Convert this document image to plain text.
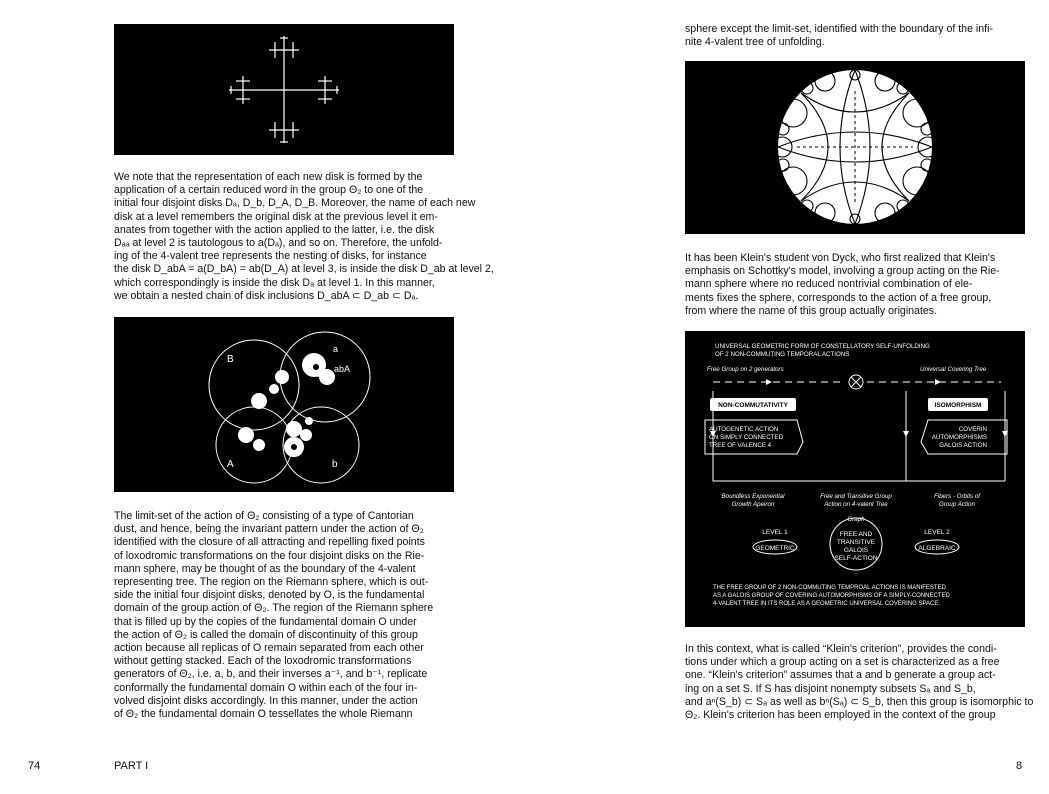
We note that the representation of each new disk is formed by the
application of a certain reduced word in the group Θ₂ to one of the
initial four disjoint disks Dₐ, D_b, D_A, D_B. Moreover, the name of each new
disk at a level remembers the original disk at the previous level it em-
anates from together with the action applied to the latter, i.e. the disk
Dₐₐ at level 2 is tautologous to a(Dₐ), and so on. Therefore, the unfold-
ing of the 4-valent tree represents the nesting of disks, for instance
the disk D_abA = a(D_bA) = ab(D_A) at level 3, is inside the disk D_ab at level 2,
which correspondingly is inside the disk Dₐ at level 1. In this manner,
we obtain a nested chain of disk inclusions D_abA ⊂ D_ab ⊂ Dₐ.
B
a
abA
A	b
The limit-set of the action of Θ₂ consisting of a type of Cantorian
dust, and hence, being the invariant pattern under the action of Θ₂
identified with the closure of all attracting and repelling fixed points
of loxodromic transformations on the four disjoint disks on the Rie-
mann sphere, may be thought of as the boundary of the 4-valent
representing tree. The region on the Riemann sphere, which is out-
side the initial four disjoint disks, denoted by O, is the fundamental
domain of the group action of Θ₂. The region of the Riemann sphere
that is filled up by the copies of the fundamental domain O under
the action of Θ₂ is called the domain of discontinuity of this group
action because all replicas of O remain separated from each other
without getting stacked. Each of the loxodromic transformations
generators of Θ₂, i.e. a, b, and their inverses a⁻¹, and b⁻¹, replicate
conformally the fundamental domain O within each of the four in-
volved disjoint disks accordingly. In this manner, under the action
of Θ₂ the fundamental domain O tessellates the whole Riemann
74	PART I
sphere except the limit-set, identified with the boundary of the infi-
nite 4-valent tree of unfolding.
It has been Klein's student von Dyck, who first realized that Klein's
emphasis on Schottky's model, involving a group acting on the Rie-
mann sphere where no reduced nontrivial combination of ele-
ments fixes the sphere, corresponds to the action of a free group,
from where the name of this group actually originates.
UNIVERSAL GEOMETRIC FORM OF CONSTELLATORY SELF-UNFOLDING
OF 2 NON-COMMUTING TEMPORAL ACTIONS
Free Group on 2 generators	Universal Covering Tree
NON-COMMUTATIVITY	ISOMORPHISM
AUTOGENETIC ACTION
ON SIMPLY CONNECTED
TREE OF VALENCE 4
COVERIN
AUTOMORPHISMS
GALOIS ACTION
Boundless Exponential
Growth Apeiron
Free and Transitive Group
Action on 4-valent Tree
Fibers - Orbits of
Group Action
Graph
LEVEL 1	LEVEL 2
GEOMETRIC	ALGEBRAIC
FREE AND
TRANSITIVE
GALOIS
SELF-ACTION
THE FREE GROUP OF 2 NON-COMMUTING TEMPROAL ACTIONS IS MANIFESTED
AS A GALOIS GROUP OF COVERING AUTOMORPHISMS OF A SIMPLY-CONNECTED
4-VALENT TREE IN ITS ROLE AS A GEOMETRIC UNIVERSAL COVERING SPACE.
In this context, what is called “Klein's criterion”, provides the condi-
tions under which a group acting on a set is characterized as a free
one. “Klein's criterion” assumes that a and b generate a group act-
ing on a set S. If S has disjoint nonempty subsets Sₐ and S_b,
and aⁿ(S_b) ⊂ Sₐ as well as bⁿ(Sₐ) ⊂ S_b, then this group is isomorphic to
Θ₂. Klein's criterion has been employed in the context of the group
8
